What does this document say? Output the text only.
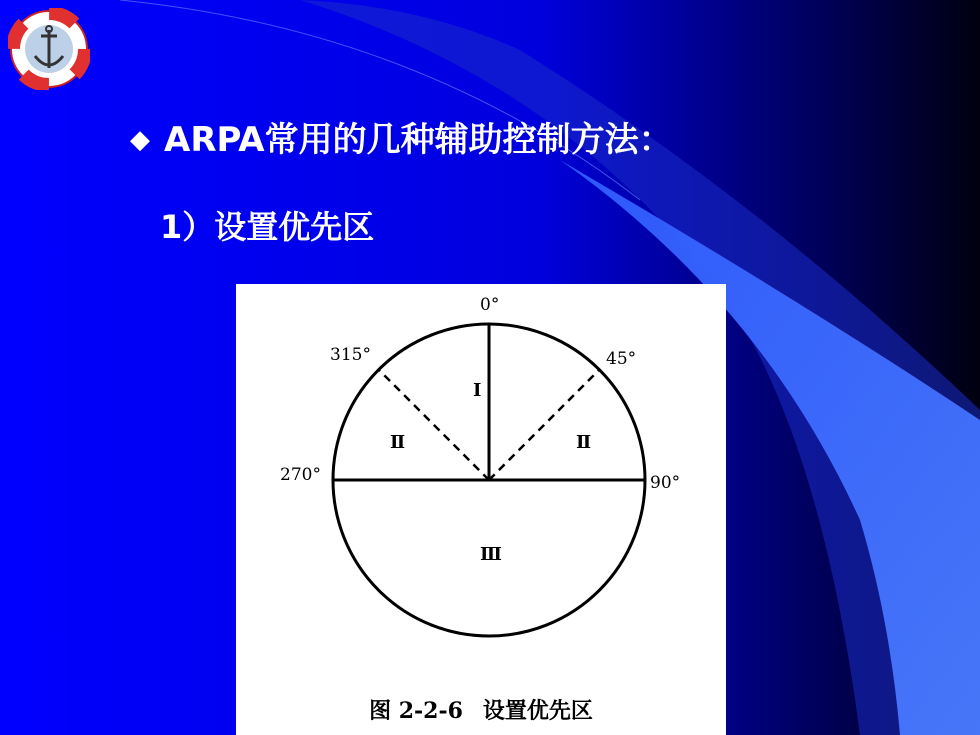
◆ ARPA常用的几种辅助控制方法：
1）设置优先区
0°
45°
90°
270°
315°
I
Ⅱ	Ⅱ
Ⅲ
图 2-2-6 设置优先区
